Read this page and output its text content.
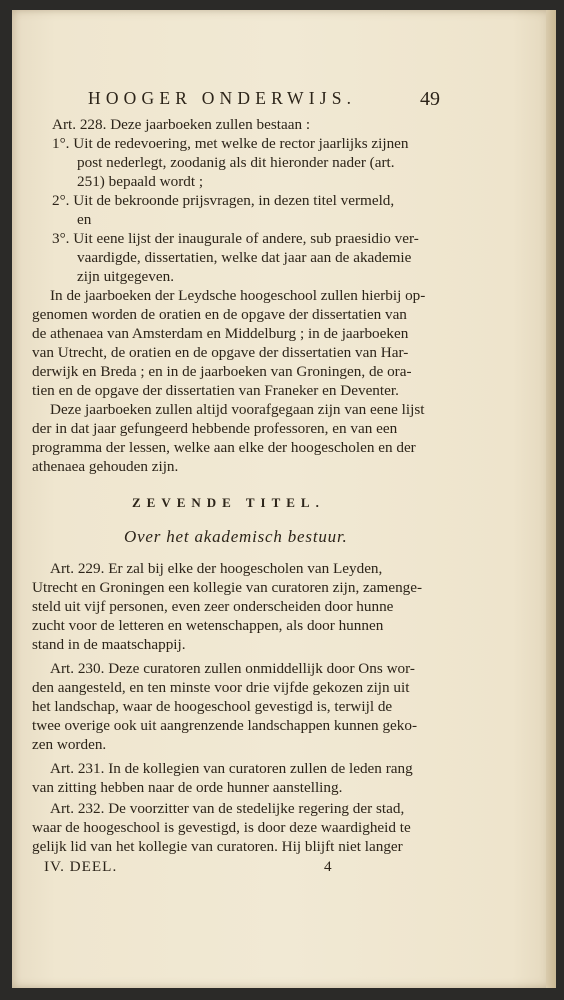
HOOGER ONDERWIJS.	49
Art. 228. Deze jaarboeken zullen bestaan :
1°. Uit de redevoering, met welke de rector jaarlijks zijnen
post nederlegt, zoodanig als dit hieronder nader (art.
251) bepaald wordt ;
2°. Uit de bekroonde prijsvragen, in dezen titel vermeld,
en
3°. Uit eene lijst der inaugurale of andere, sub praesidio ver-
vaardigde, dissertatien, welke dat jaar aan de akademie
zijn uitgegeven.
In de jaarboeken der Leydsche hoogeschool zullen hierbij op-
genomen worden de oratien en de opgave der dissertatien van
de athenaea van Amsterdam en Middelburg ; in de jaarboeken
van Utrecht, de oratien en de opgave der dissertatien van Har-
derwijk en Breda ; en in de jaarboeken van Groningen, de ora-
tien en de opgave der dissertatien van Franeker en Deventer.
Deze jaarboeken zullen altijd voorafgegaan zijn van eene lijst
der in dat jaar gefungeerd hebbende professoren, en van een
programma der lessen, welke aan elke der hoogescholen en der
athenaea gehouden zijn.
ZEVENDE TITEL.
Over het akademisch bestuur.
Art. 229. Er zal bij elke der hoogescholen van Leyden,
Utrecht en Groningen een kollegie van curatoren zijn, zamenge-
steld uit vijf personen, even zeer onderscheiden door hunne
zucht voor de letteren en wetenschappen, als door hunnen
stand in de maatschappij.
Art. 230. Deze curatoren zullen onmiddellijk door Ons wor-
den aangesteld, en ten minste voor drie vijfde gekozen zijn uit
het landschap, waar de hoogeschool gevestigd is, terwijl de
twee overige ook uit aangrenzende landschappen kunnen geko-
zen worden.
Art. 231. In de kollegien van curatoren zullen de leden rang
van zitting hebben naar de orde hunner aanstelling.
Art. 232. De voorzitter van de stedelijke regering der stad,
waar de hoogeschool is gevestigd, is door deze waardigheid te
gelijk lid van het kollegie van curatoren. Hij blijft niet langer
IV. DEEL.	4
